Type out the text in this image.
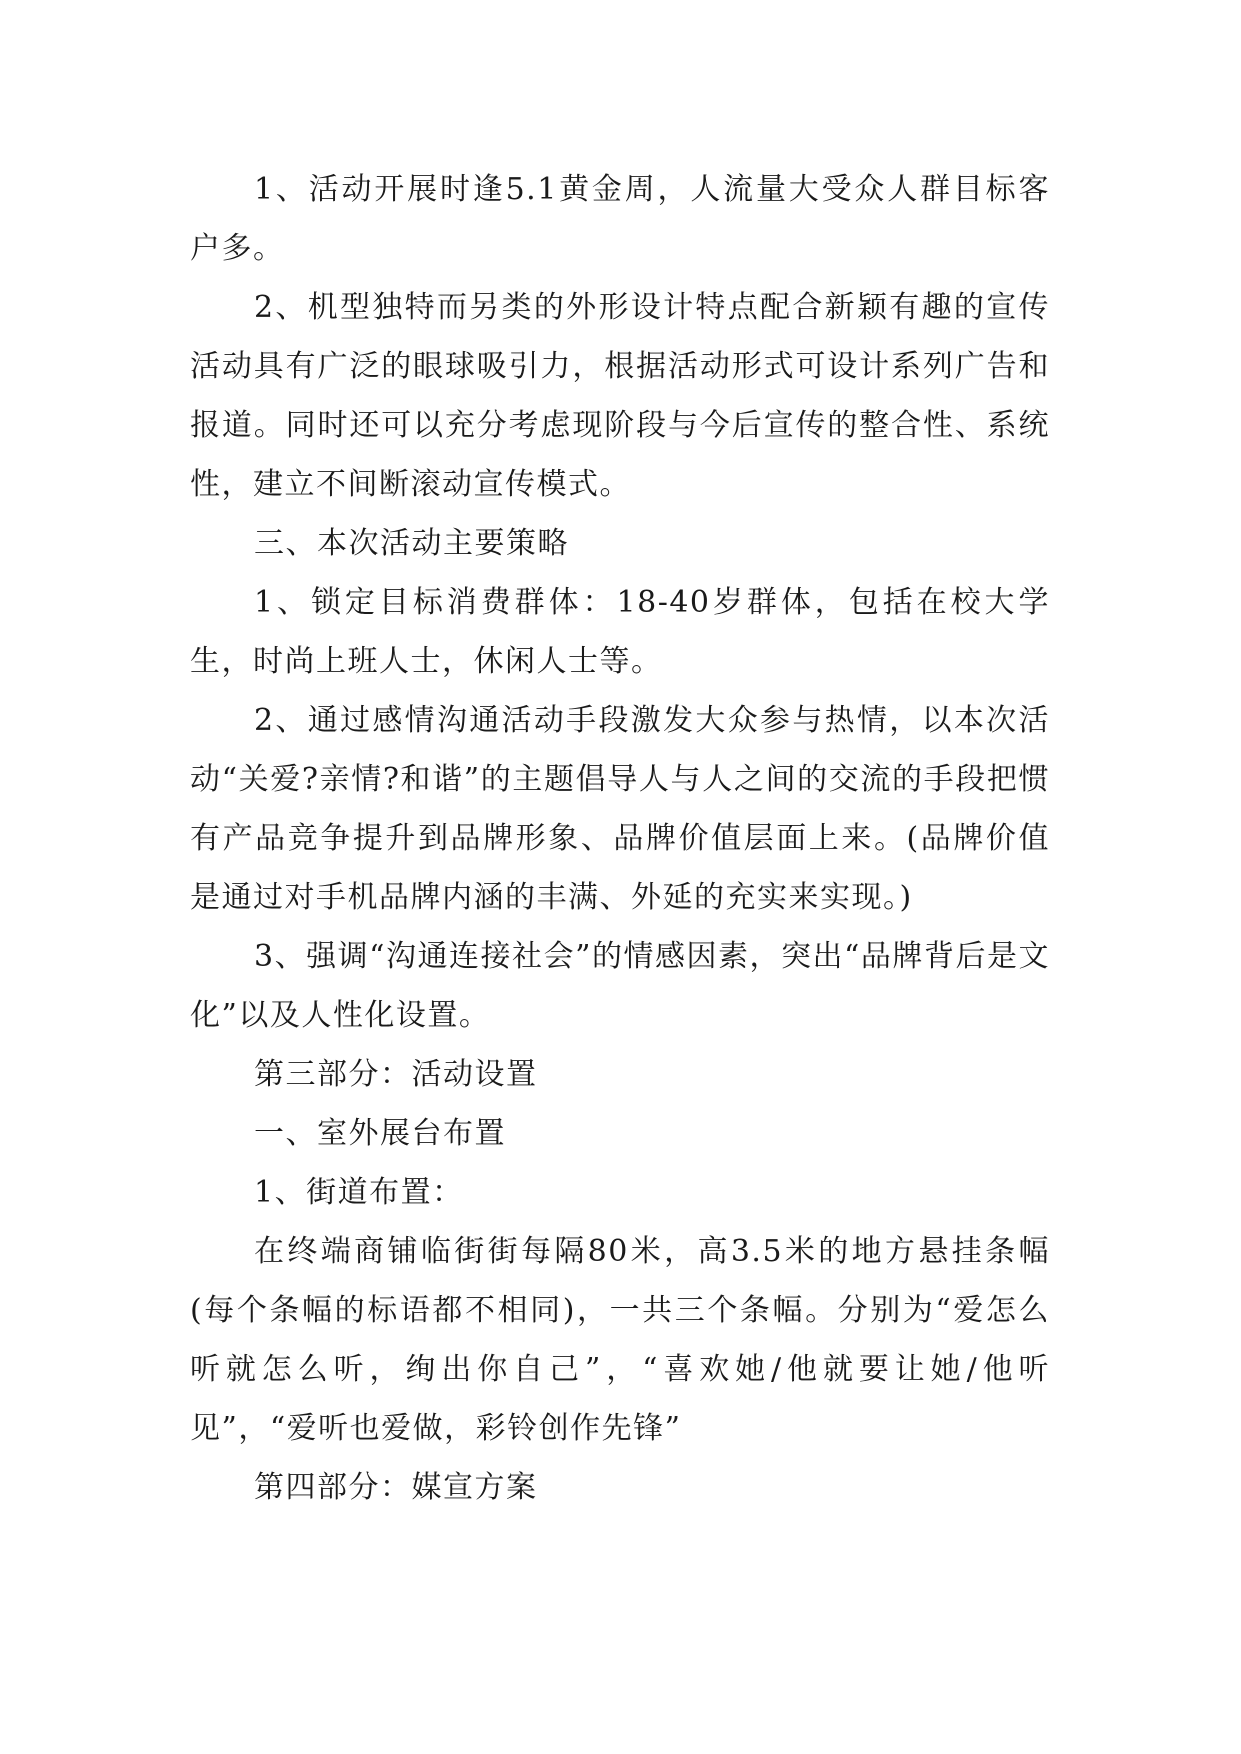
1、活动开展时逢5.1黄金周，人流量大受众人群目标客户多。

2、机型独特而另类的外形设计特点配合新颖有趣的宣传活动具有广泛的眼球吸引力，根据活动形式可设计系列广告和报道。同时还可以充分考虑现阶段与今后宣传的整合性、系统性，建立不间断滚动宣传模式。

三、本次活动主要策略

1、锁定目标消费群体：18-40岁群体，包括在校大学生，时尚上班人士，休闲人士等。

2、通过感情沟通活动手段激发大众参与热情，以本次活动“关爱?亲情?和谐”的主题倡导人与人之间的交流的手段把惯有产品竞争提升到品牌形象、品牌价值层面上来。(品牌价值是通过对手机品牌内涵的丰满、外延的充实来实现。)

3、强调“沟通连接社会”的情感因素，突出“品牌背后是文化”以及人性化设置。

第三部分：活动设置

一、室外展台布置

1、街道布置：

在终端商铺临街街每隔80米，高3.5米的地方悬挂条幅(每个条幅的标语都不相同)，一共三个条幅。分别为“爱怎么听就怎么听，绚出你自己”，“喜欢她/他就要让她/他听见”，“爱听也爱做，彩铃创作先锋”

第四部分：媒宣方案
